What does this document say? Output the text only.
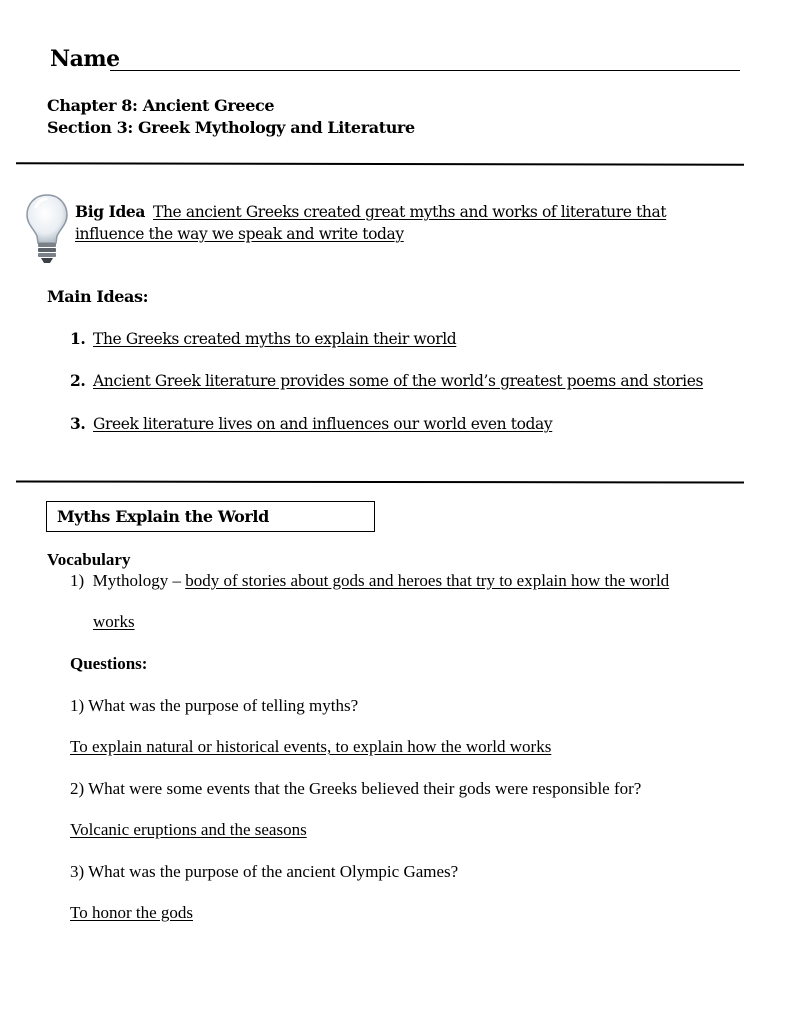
Name
Chapter 8: Ancient Greece
Section 3: Greek Mythology and Literature
Big Idea The ancient Greeks created great myths and works of literature that
influence the way we speak and write today
Main Ideas:
1. The Greeks created myths to explain their world
2. Ancient Greek literature provides some of the world’s greatest poems and stories
3. Greek literature lives on and influences our world even today
Myths Explain the World
Vocabulary
1) Mythology – body of stories about gods and heroes that try to explain how the world
works
Questions:
1) What was the purpose of telling myths?
To explain natural or historical events, to explain how the world works
2) What were some events that the Greeks believed their gods were responsible for?
Volcanic eruptions and the seasons
3) What was the purpose of the ancient Olympic Games?
To honor the gods
